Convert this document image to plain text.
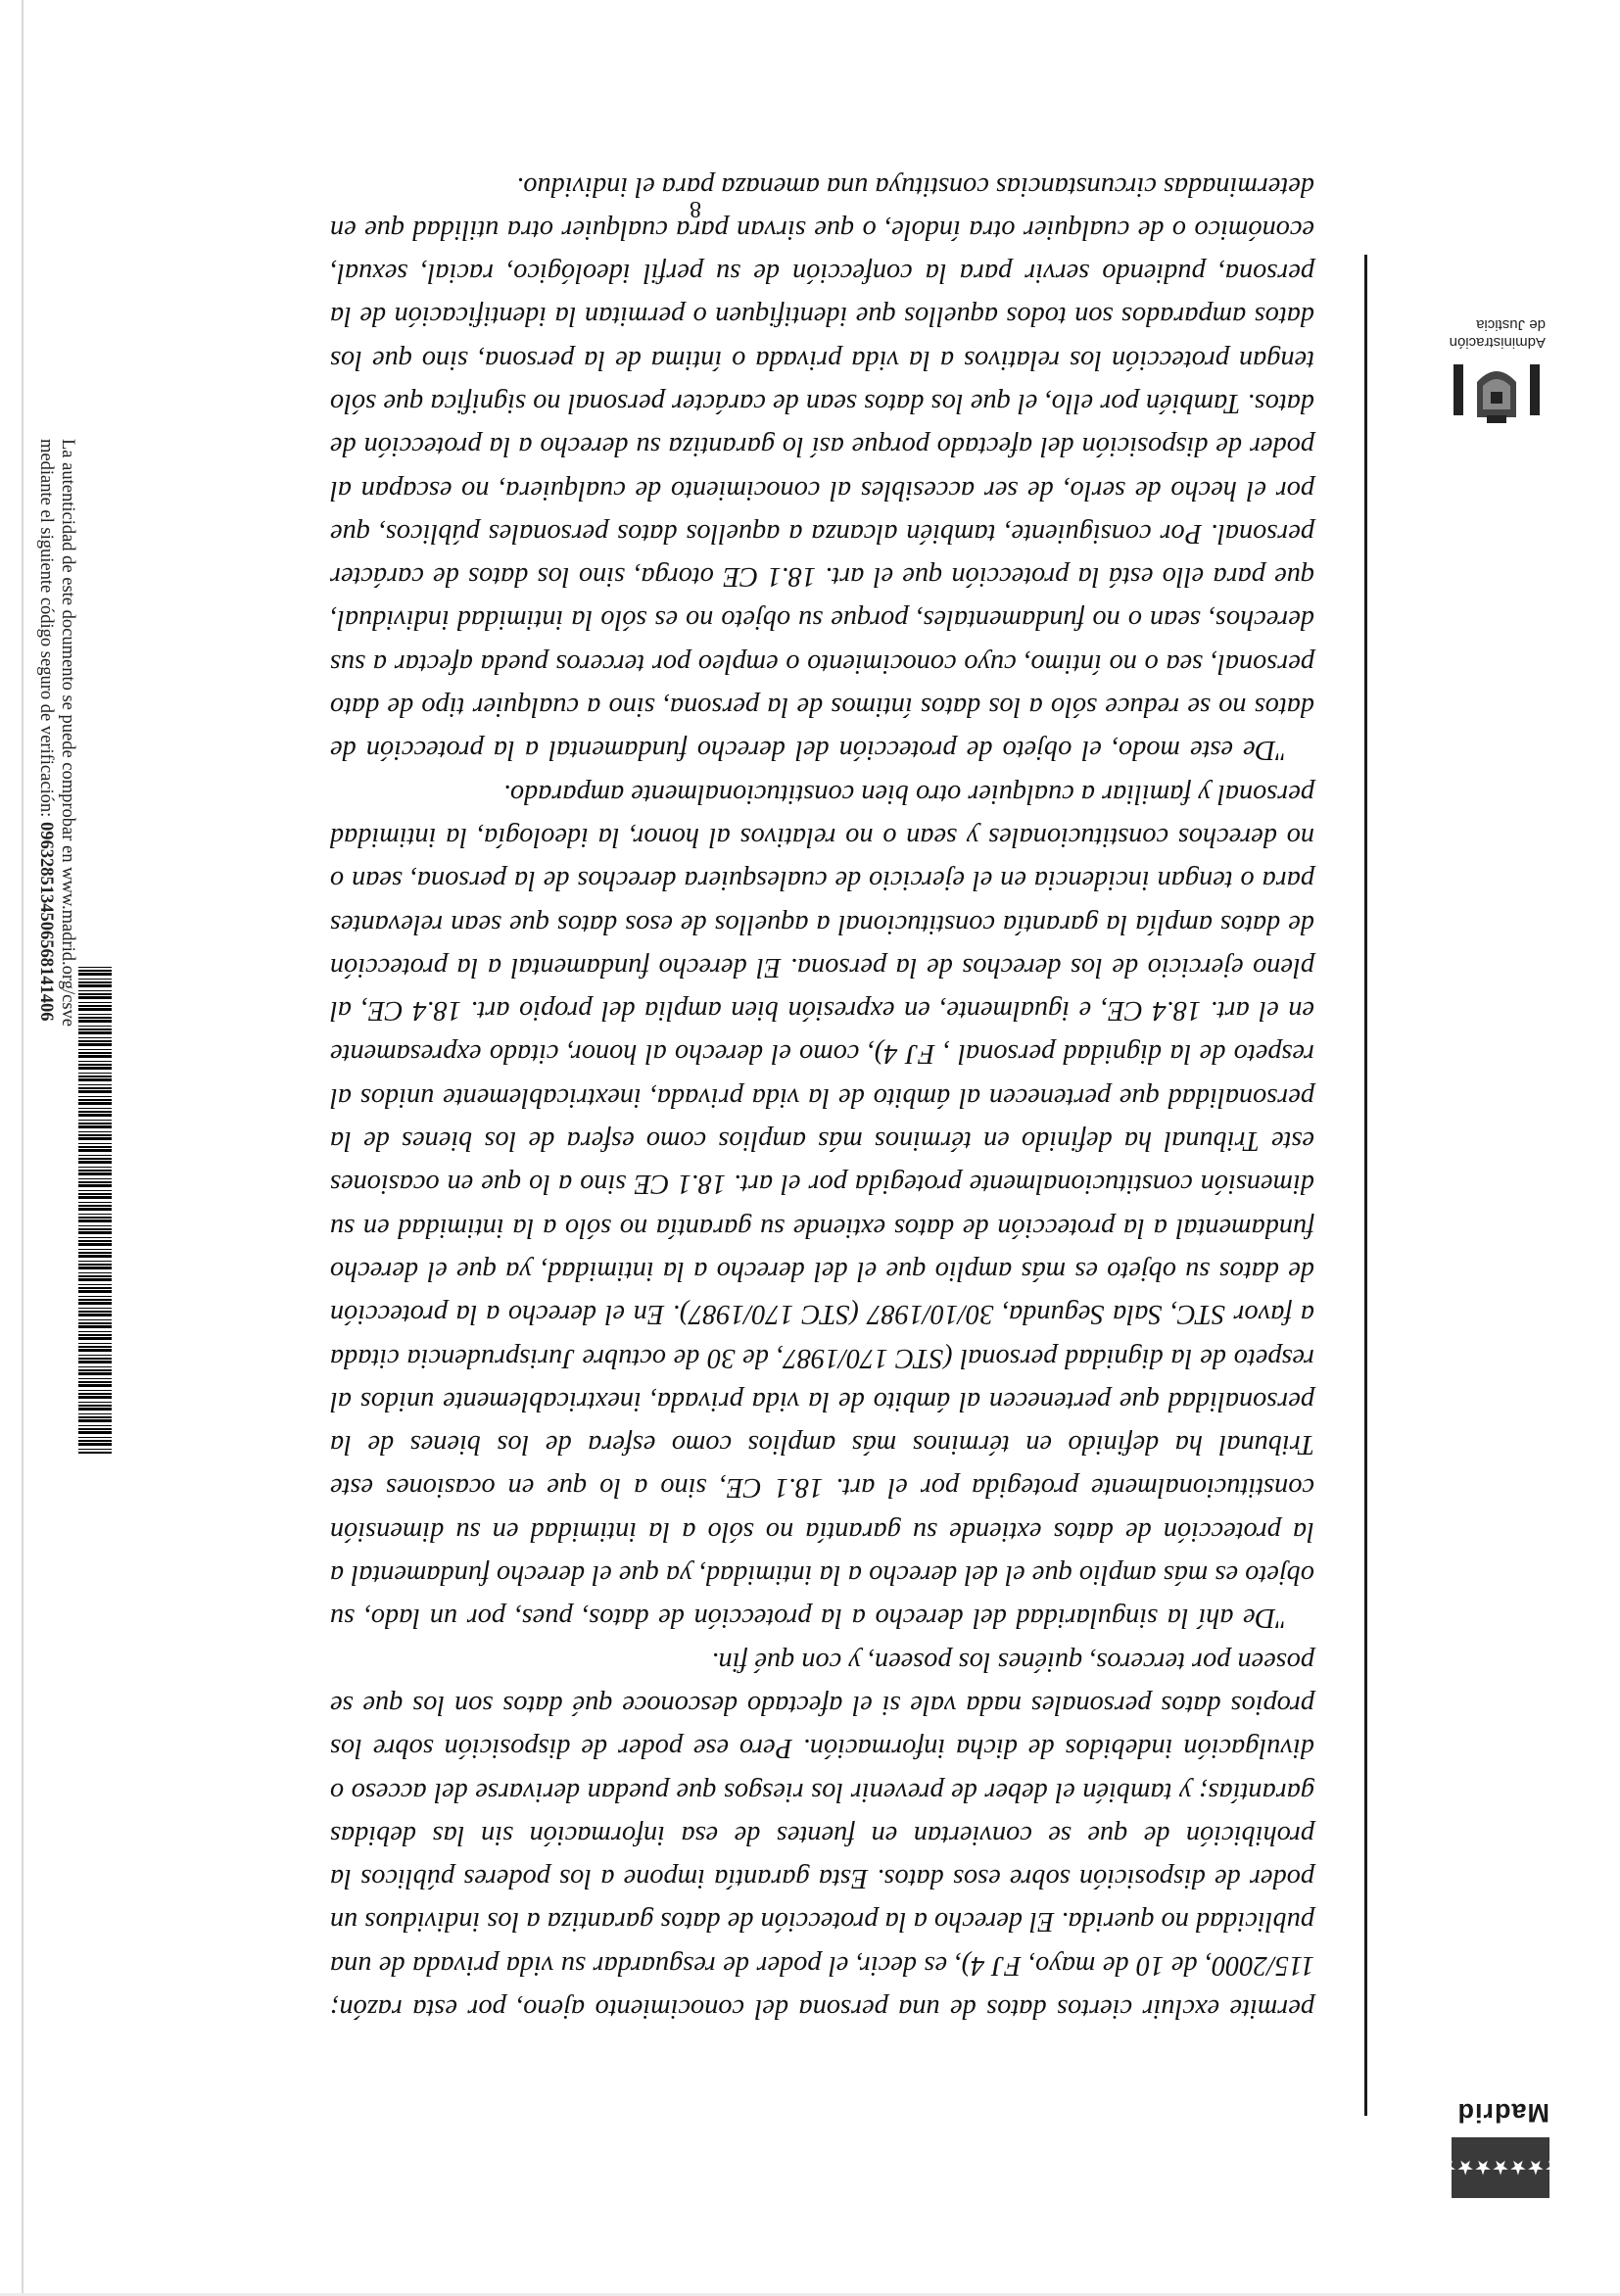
★★★★★★★
Madrid
Administración
de Justicia

permite excluir ciertos datos de una persona del conocimiento ajeno, por esta razón; 115/2000, de 10 de mayo, FJ 4), es decir, el poder de resguardar su vida privada de una publicidad no querida. El derecho a la protección de datos garantiza a los individuos un poder de disposición sobre esos datos. Esta garantía impone a los poderes públicos la prohibición de que se conviertan en fuentes de esa información sin las debidas garantías; y también el deber de prevenir los riesgos que puedan derivarse del acceso o divulgación indebidos de dicha información. Pero ese poder de disposición sobre los propios datos personales nada vale si el afectado desconoce qué datos son los que se poseen por terceros, quiénes los poseen, y con qué fin.

"De ahí la singularidad del derecho a la protección de datos, pues, por un lado, su objeto es más amplio que el del derecho a la intimidad, ya que el derecho fundamental a la protección de datos extiende su garantía no sólo a la intimidad en su dimensión constitucionalmente protegida por el art. 18.1 CE, sino a lo que en ocasiones este Tribunal ha definido en términos más amplios como esfera de los bienes de la personalidad que pertenecen al ámbito de la vida privada, inextricablemente unidos al respeto de la dignidad personal (STC 170/1987, de 30 de octubre Jurisprudencia citada a favor STC, Sala Segunda, 30/10/1987 (STC 170/1987). En el derecho a la protección de datos su objeto es más amplio que el del derecho a la intimidad, ya que el derecho fundamental a la protección de datos extiende su garantía no sólo a la intimidad en su dimensión constitucionalmente protegida por el art. 18.1 CE sino a lo que en ocasiones este Tribunal ha definido en términos más amplios como esfera de los bienes de la personalidad que pertenecen al ámbito de la vida privada, inextricablemente unidos al respeto de la dignidad personal , FJ 4), como el derecho al honor, citado expresamente en el art. 18.4 CE, e igualmente, en expresión bien amplia del propio art. 18.4 CE, al pleno ejercicio de los derechos de la persona. El derecho fundamental a la protección de datos amplía la garantía constitucional a aquellos de esos datos que sean relevantes para o tengan incidencia en el ejercicio de cualesquiera derechos de la persona, sean o no derechos constitucionales y sean o no relativos al honor, la ideología, la intimidad personal y familiar a cualquier otro bien constitucionalmente amparado.

"De este modo, el objeto de protección del derecho fundamental a la protección de datos no se reduce sólo a los datos íntimos de la persona, sino a cualquier tipo de dato personal, sea o no íntimo, cuyo conocimiento o empleo por terceros pueda afectar a sus derechos, sean o no fundamentales, porque su objeto no es sólo la intimidad individual, que para ello está la protección que el art. 18.1 CE otorga, sino los datos de carácter personal. Por consiguiente, también alcanza a aquellos datos personales públicos, que por el hecho de serlo, de ser accesibles al conocimiento de cualquiera, no escapan al poder de disposición del afectado porque así lo garantiza su derecho a la protección de datos. También por ello, el que los datos sean de carácter personal no significa que sólo tengan protección los relativos a la vida privada o íntima de la persona, sino que los datos amparados son todos aquellos que identifiquen o permitan la identificación de la persona, pudiendo servir para la confección de su perfil ideológico, racial, sexual, económico o de cualquier otra índole, o que sirvan para cualquier otra utilidad que en determinadas circunstancias constituya una amenaza para el individuo.

8
La autenticidad de este documento se puede comprobar en www.madrid.org/csve
mediante el siguiente código seguro de verificación: 0963285134506568141406
